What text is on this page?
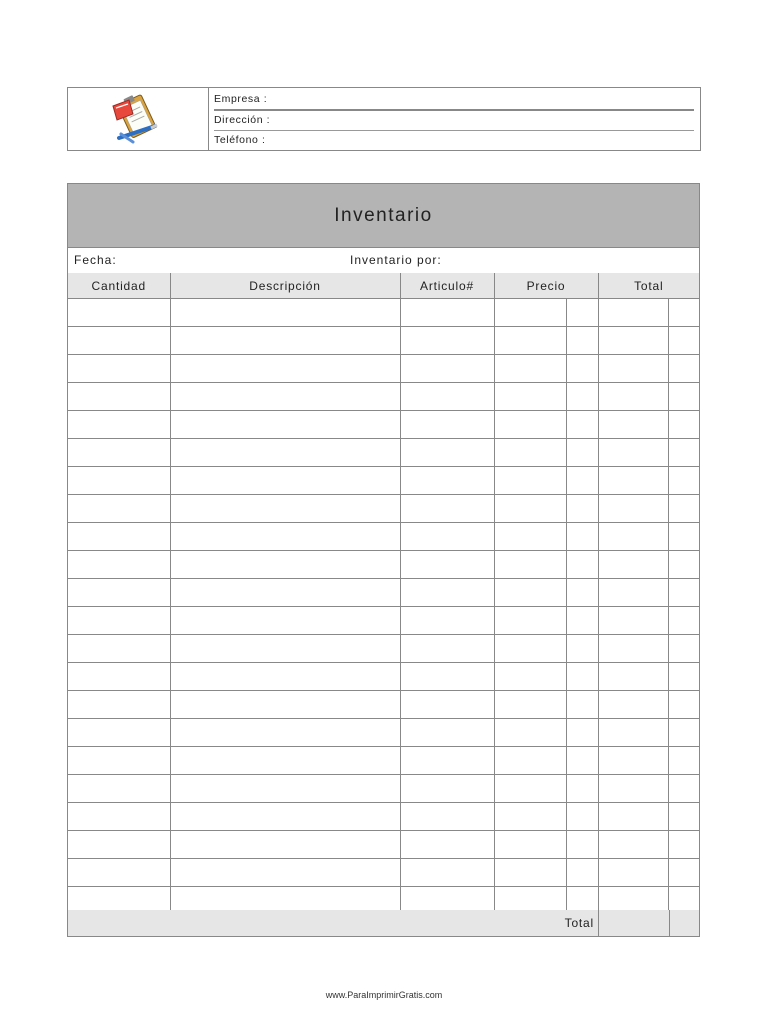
Empresa :
Dirección :
Teléfono :
Inventario
Fecha:	Inventario por:
Cantidad	Descripción	Articulo#	Precio		Total	

Total
www.ParaImprimirGratis.com
